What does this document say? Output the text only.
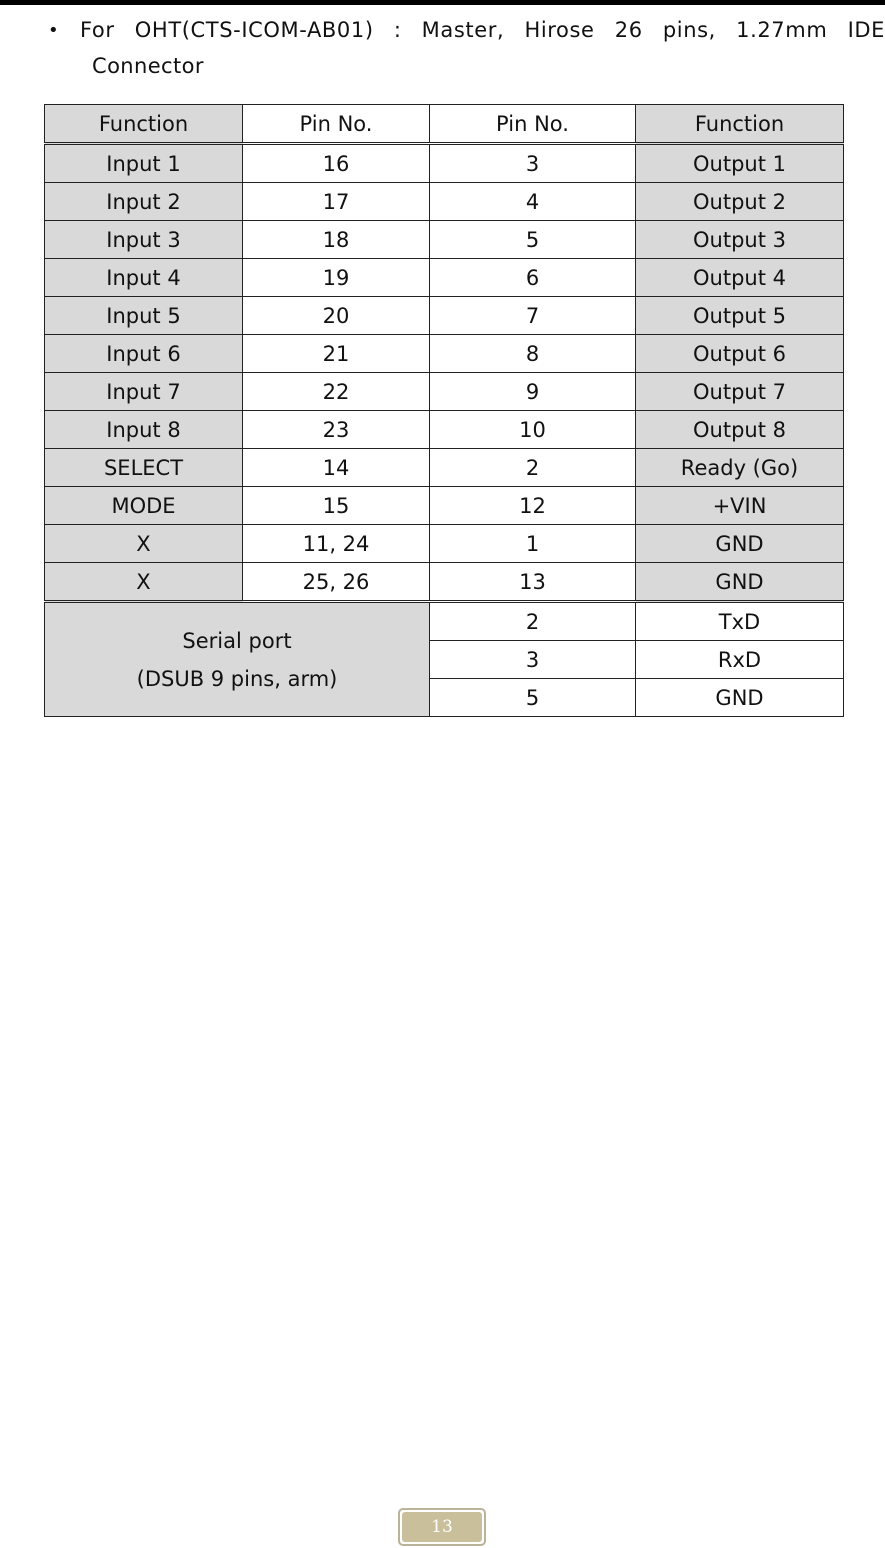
• For OHT(CTS-ICOM-AB01) : Master, Hirose 26 pins, 1.27mm IDE
Connector
Function	Pin No.	Pin No.	Function
Input 1	16	3	Output 1
Input 2	17	4	Output 2
Input 3	18	5	Output 3
Input 4	19	6	Output 4
Input 5	20	7	Output 5
Input 6	21	8	Output 6
Input 7	22	9	Output 7
Input 8	23	10	Output 8
SELECT	14	2	Ready (Go)
MODE	15	12	+VIN
X	11, 24	1	GND
X	25, 26	13	GND

Serial port
(DSUB 9 pins, arm)		2	TxD
		3	RxD
		5	GND
13
